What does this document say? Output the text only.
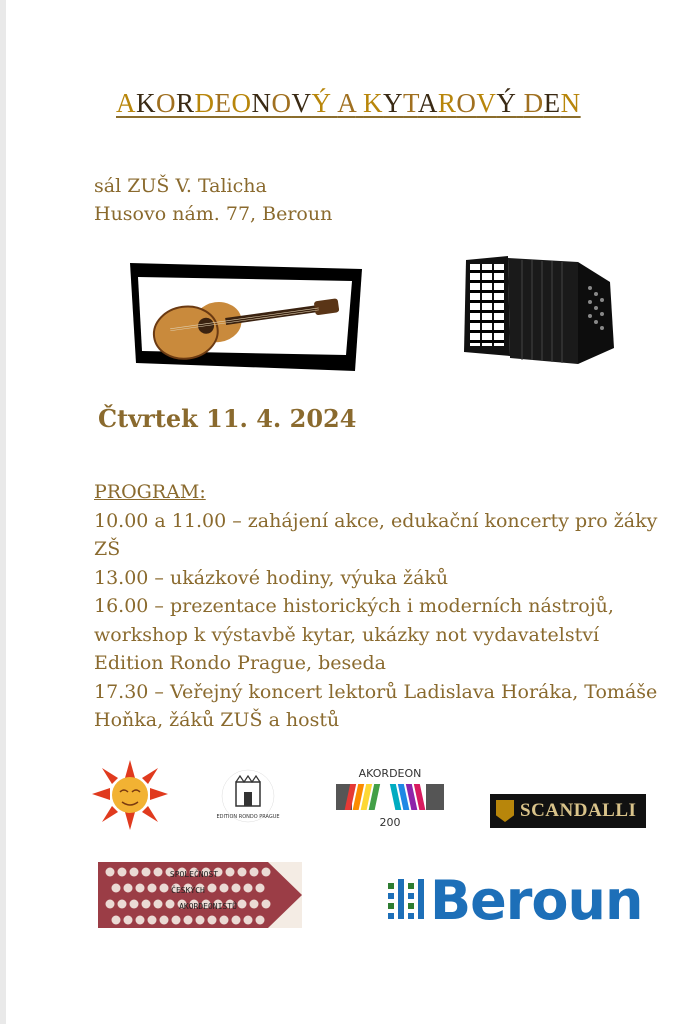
AKORDEONOVÝ A KYTAROVÝ DEN
sál ZUŠ V. Talicha
Husovo nám. 77, Beroun
Čtvrtek 11. 4. 2024
PROGRAM:
10.00 a 11.00 – zahájení akce, edukační koncerty pro žáky ZŠ
13.00 – ukázkové hodiny, výuka žáků
16.00 – prezentace historických i moderních nástrojů, workshop k výstavbě kytar, ukázky not vydavatelství Edition Rondo Prague, beseda
17.30 – Veřejný koncert lektorů Ladislava Horáka, Tomáše Hoňka, žáků ZUŠ a hostů
EDITION RONDO PRAGUE
AKORDEON
200
SCANDALLI
SPOLEČNOST
ČESKÝCH
AKORDEONISTŮ	Beroun
